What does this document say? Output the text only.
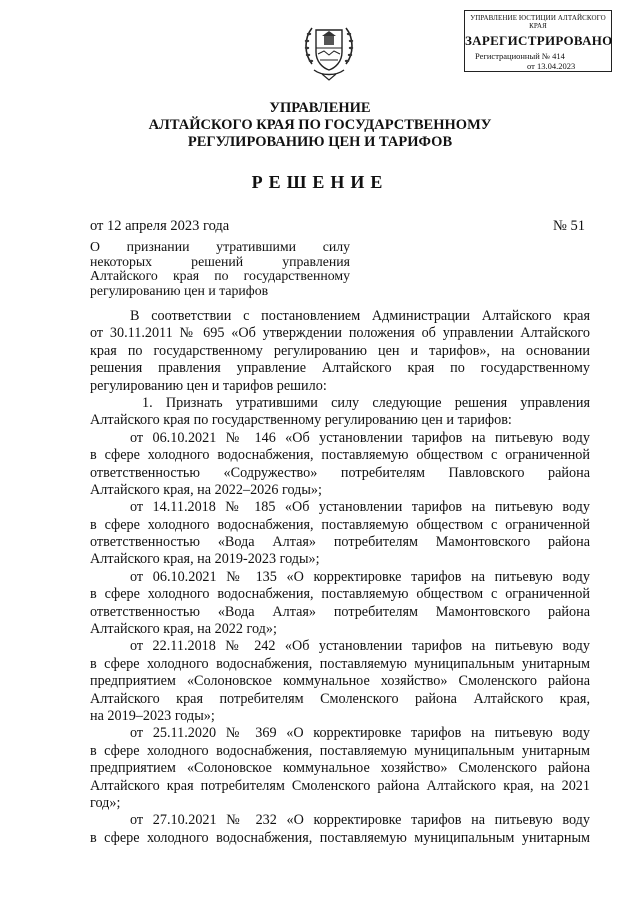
УПРАВЛЕНИЕ ЮСТИЦИИ АЛТАЙСКОГО КРАЯ
ЗАРЕГИСТРИРОВАНО
Регистрационный № 414
от 13.04.2023
УПРАВЛЕНИЕ
АЛТАЙСКОГО КРАЯ ПО ГОСУДАРСТВЕННОМУ
РЕГУЛИРОВАНИЮ ЦЕН И ТАРИФОВ
РЕШЕНИЕ
от 12 апреля 2023 года	№ 51
О признании утратившими силу
некоторых решений управления
Алтайского края по государственному
регулированию цен и тарифов
В соответствии с постановлением Администрации Алтайского края
от 30.11.2011 № 695 «Об утверждении положения об управлении Алтайского
края по государственному регулированию цен и тарифов», на основании
решения правления управление Алтайского края по государственному
регулированию цен и тарифов решило:
1. Признать утратившими силу следующие решения управления
Алтайского края по государственному регулированию цен и тарифов:
от 06.10.2021 № 146 «Об установлении тарифов на питьевую воду
в сфере холодного водоснабжения, поставляемую обществом с ограниченной
ответственностью «Содружество» потребителям Павловского района
Алтайского края, на 2022–2026 годы»;
от 14.11.2018 № 185 «Об установлении тарифов на питьевую воду
в сфере холодного водоснабжения, поставляемую обществом с ограниченной
ответственностью «Вода Алтая» потребителям Мамонтовского района
Алтайского края, на 2019-2023 годы»;
от 06.10.2021 № 135 «О корректировке тарифов на питьевую воду
в сфере холодного водоснабжения, поставляемую обществом с ограниченной
ответственностью «Вода Алтая» потребителям Мамонтовского района
Алтайского края, на 2022 год»;
от 22.11.2018 № 242 «Об установлении тарифов на питьевую воду
в сфере холодного водоснабжения, поставляемую муниципальным унитарным
предприятием «Солоновское коммунальное хозяйство» Смоленского района
Алтайского края потребителям Смоленского района Алтайского края,
на 2019–2023 годы»;
от 25.11.2020 № 369 «О корректировке тарифов на питьевую воду
в сфере холодного водоснабжения, поставляемую муниципальным унитарным
предприятием «Солоновское коммунальное хозяйство» Смоленского района
Алтайского края потребителям Смоленского района Алтайского края, на 2021
год»;
от 27.10.2021 № 232 «О корректировке тарифов на питьевую воду
в сфере холодного водоснабжения, поставляемую муниципальным унитарным
